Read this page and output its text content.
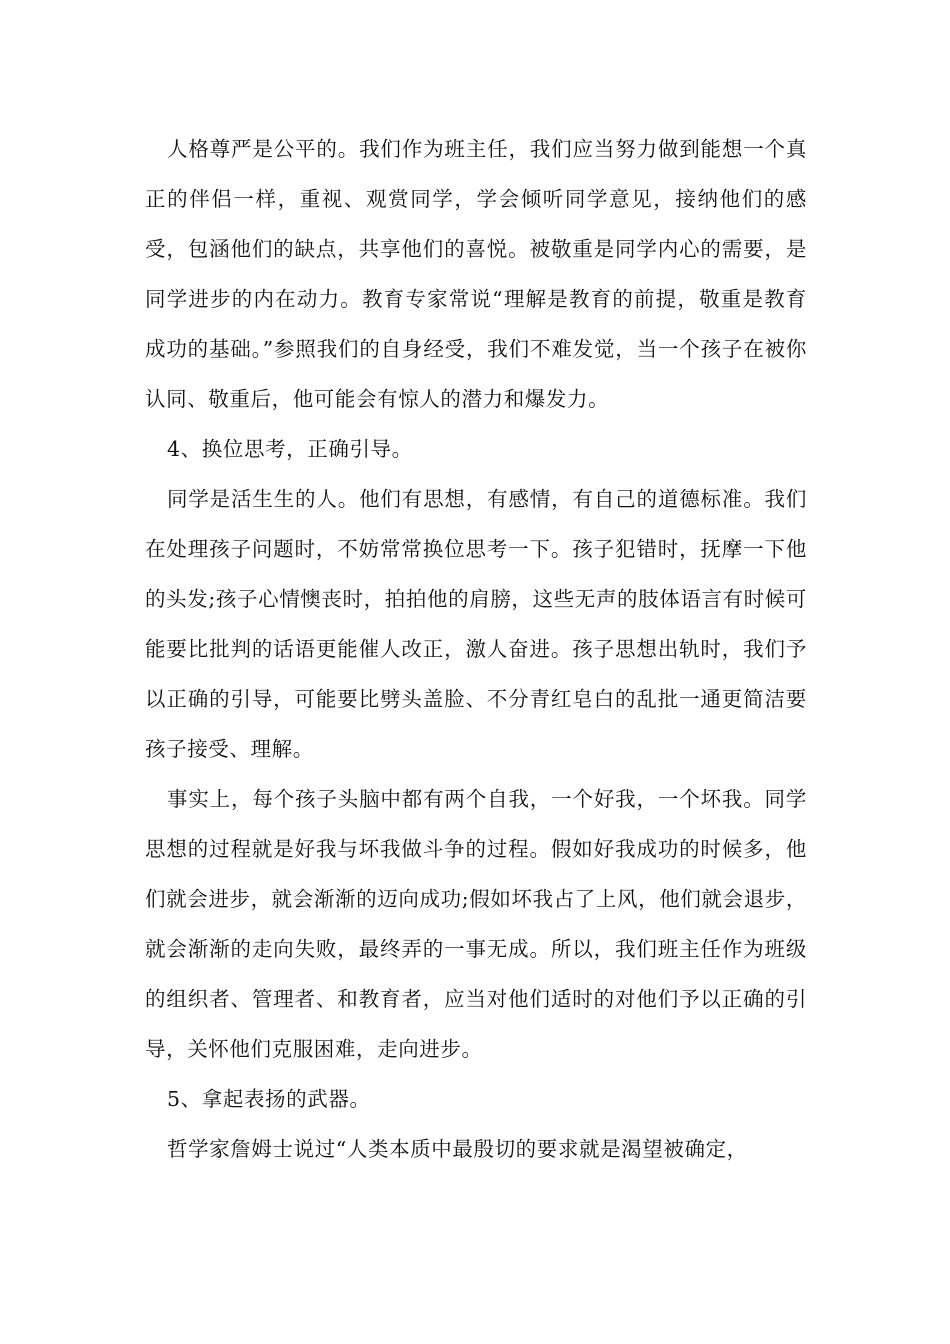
人格尊严是公平的。我们作为班主任，我们应当努力做到能想一个真正的伴侣一样，重视、观赏同学，学会倾听同学意见，接纳他们的感受，包涵他们的缺点，共享他们的喜悦。被敬重是同学内心的需要，是同学进步的内在动力。教育专家常说“理解是教育的前提，敬重是教育成功的基础。”参照我们的自身经受，我们不难发觉，当一个孩子在被你认同、敬重后，他可能会有惊人的潜力和爆发力。

4、换位思考，正确引导。

同学是活生生的人。他们有思想，有感情，有自己的道德标准。我们在处理孩子问题时，不妨常常换位思考一下。孩子犯错时，抚摩一下他的头发;孩子心情懊丧时，拍拍他的肩膀，这些无声的肢体语言有时候可能要比批判的话语更能催人改正，激人奋进。孩子思想出轨时，我们予以正确的引导，可能要比劈头盖脸、不分青红皂白的乱批一通更简洁要孩子接受、理解。

事实上，每个孩子头脑中都有两个自我，一个好我，一个坏我。同学思想的过程就是好我与坏我做斗争的过程。假如好我成功的时候多，他们就会进步，就会渐渐的迈向成功;假如坏我占了上风，他们就会退步，就会渐渐的走向失败，最终弄的一事无成。所以，我们班主任作为班级的组织者、管理者、和教育者，应当对他们适时的对他们予以正确的引导，关怀他们克服困难，走向进步。

5、拿起表扬的武器。

哲学家詹姆士说过“人类本质中最殷切的要求就是渴望被确定，
